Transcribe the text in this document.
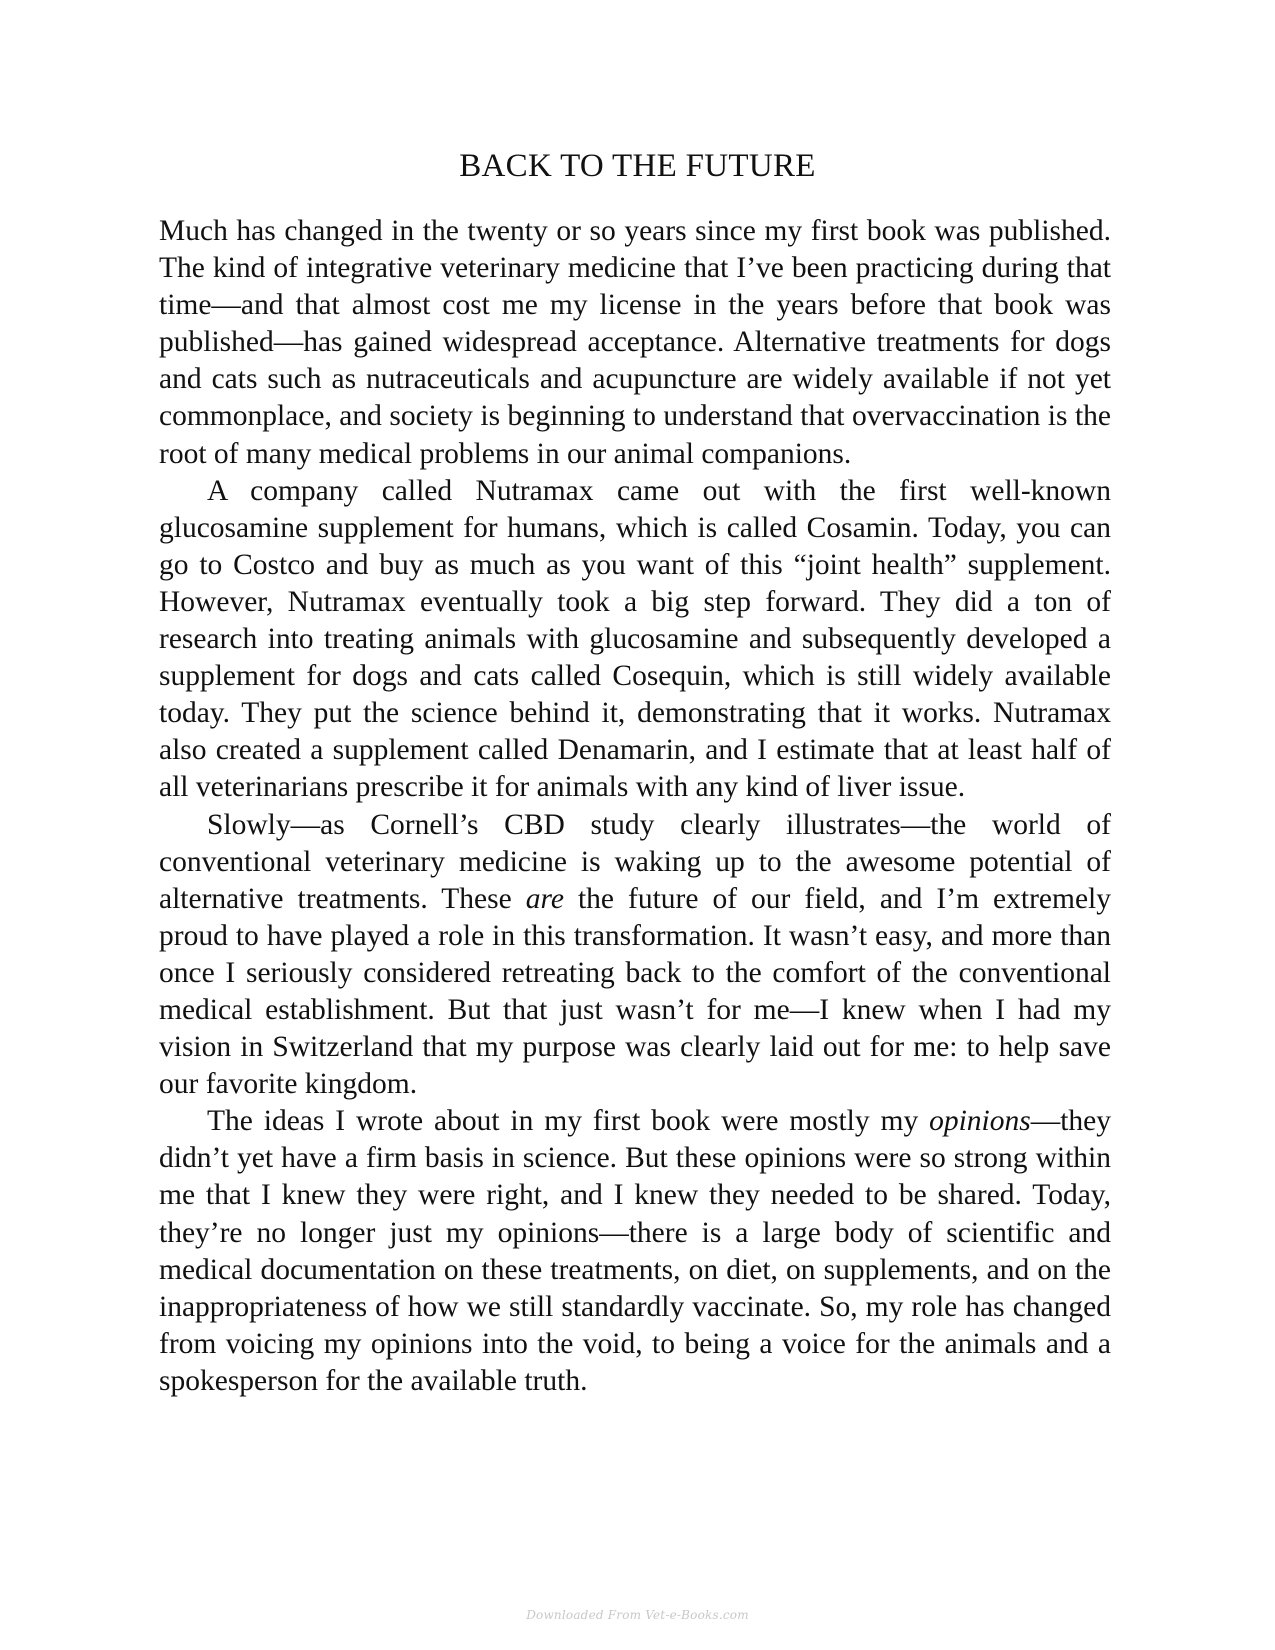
BACK TO THE FUTURE

Much has changed in the twenty or so years since my first book was published. The kind of integrative veterinary medicine that I’ve been practicing during that time—and that almost cost me my license in the years before that book was published—has gained widespread acceptance. Alternative treatments for dogs and cats such as nutraceuticals and acupuncture are widely available if not yet commonplace, and society is beginning to understand that overvaccination is the root of many medical problems in our animal companions.

A company called Nutramax came out with the first well-known glucosamine supplement for humans, which is called Cosamin. Today, you can go to Costco and buy as much as you want of this “joint health” supplement. However, Nutramax eventually took a big step forward. They did a ton of research into treating animals with glucosamine and subsequently developed a supplement for dogs and cats called Cosequin, which is still widely available today. They put the science behind it, demonstrating that it works. Nutramax also created a supplement called Denamarin, and I estimate that at least half of all veterinarians prescribe it for animals with any kind of liver issue.

Slowly—as Cornell’s CBD study clearly illustrates—the world of conventional veterinary medicine is waking up to the awesome potential of alternative treatments. These are the future of our field, and I’m extremely proud to have played a role in this transformation. It wasn’t easy, and more than once I seriously considered retreating back to the comfort of the conventional medical establishment. But that just wasn’t for me—I knew when I had my vision in Switzerland that my purpose was clearly laid out for me: to help save our favorite kingdom.

The ideas I wrote about in my first book were mostly my opinions—they didn’t yet have a firm basis in science. But these opinions were so strong within me that I knew they were right, and I knew they needed to be shared. Today, they’re no longer just my opinions—there is a large body of scientific and medical documentation on these treatments, on diet, on supplements, and on the inappropriateness of how we still standardly vaccinate. So, my role has changed from voicing my opinions into the void, to being a voice for the animals and a spokesperson for the available truth.

Downloaded From Vet-e-Books.com
